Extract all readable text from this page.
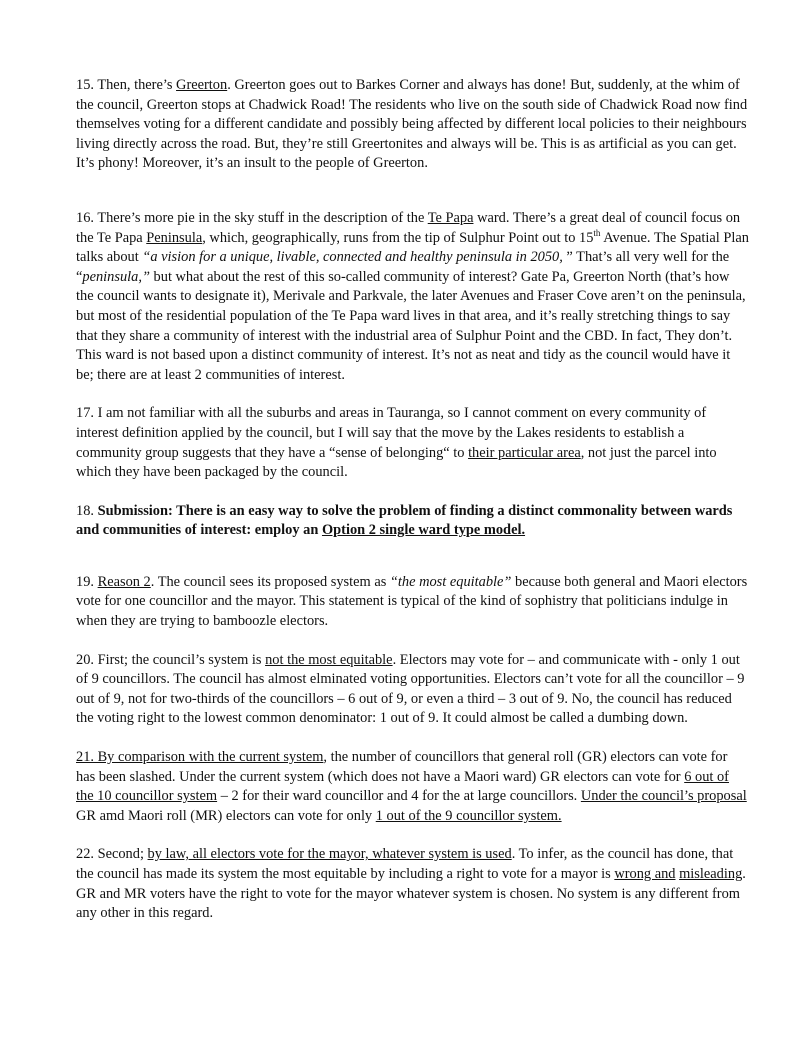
15. Then, there’s Greerton. Greerton goes out to Barkes Corner and always has done! But, suddenly, at the whim of the council, Greerton stops at Chadwick Road! The residents who live on the south side of Chadwick Road now find themselves voting for a different candidate and possibly being affected by different local policies to their neighbours living directly across the road. But, they’re still Greertonites and always will be. This is as artificial as you can get. It’s phony! Moreover, it’s an insult to the people of Greerton.

16. There’s more pie in the sky stuff in the description of the Te Papa ward. There’s a great deal of council focus on the Te Papa Peninsula, which, geographically, runs from the tip of Sulphur Point out to 15th Avenue. The Spatial Plan talks about “a vision for a unique, livable, connected and healthy peninsula in 2050, ” That’s all very well for the “peninsula,” but what about the rest of this so-called community of interest? Gate Pa, Greerton North (that’s how the council wants to designate it), Merivale and Parkvale, the later Avenues and Fraser Cove aren’t on the peninsula, but most of the residential population of the Te Papa ward lives in that area, and it’s really stretching things to say that they share a community of interest with the industrial area of Sulphur Point and the CBD. In fact, They don’t. This ward is not based upon a distinct community of interest. It’s not as neat and tidy as the council would have it be; there are at least 2 communities of interest.

17. I am not familiar with all the suburbs and areas in Tauranga, so I cannot comment on every community of interest definition applied by the council, but I will say that the move by the Lakes residents to establish a community group suggests that they have a “sense of belonging“ to their particular area, not just the parcel into which they have been packaged by the council.

18. Submission: There is an easy way to solve the problem of finding a distinct commonality between wards and communities of interest: employ an Option 2 single ward type model.

19. Reason 2. The council sees its proposed system as “the most equitable” because both general and Maori electors vote for one councillor and the mayor. This statement is typical of the kind of sophistry that politicians indulge in when they are trying to bamboozle electors.

20. First; the council’s system is not the most equitable. Electors may vote for – and communicate with - only 1 out of 9 councillors. The council has almost elminated voting opportunities. Electors can’t vote for all the councillor – 9 out of 9, not for two-thirds of the councillors – 6 out of 9, or even a third – 3 out of 9. No, the council has reduced the voting right to the lowest common denominator: 1 out of 9. It could almost be called a dumbing down.

21. By comparison with the current system, the number of councillors that general roll (GR) electors can vote for has been slashed. Under the current system (which does not have a Maori ward) GR electors can vote for 6 out of the 10 councillor system – 2 for their ward councillor and 4 for the at large councillors. Under the council’s proposal GR amd Maori roll (MR) electors can vote for only 1 out of the 9 councillor system.

22. Second; by law, all electors vote for the mayor, whatever system is used. To infer, as the council has done, that the council has made its system the most equitable by including a right to vote for a mayor is wrong and misleading. GR and MR voters have the right to vote for the mayor whatever system is chosen. No system is any different from any other in this regard.
